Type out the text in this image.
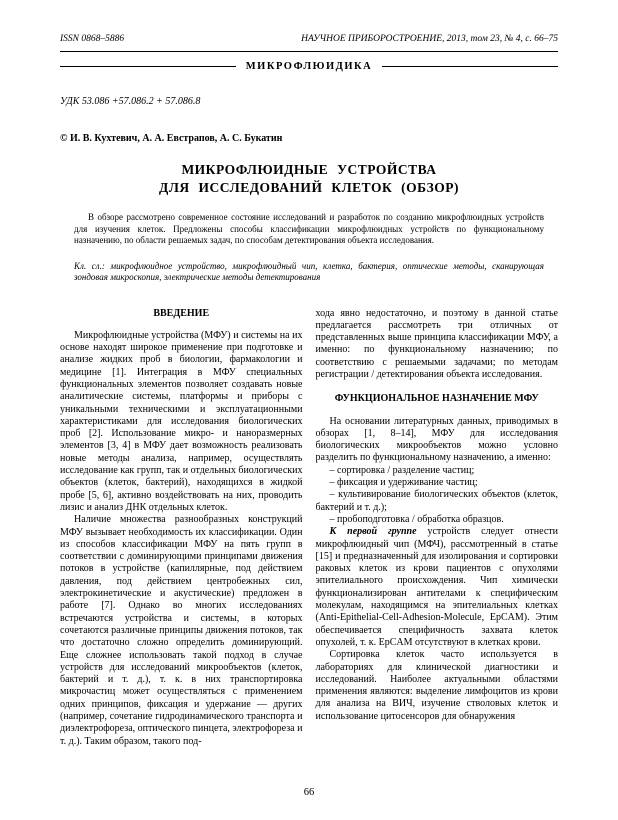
ISSN 0868–5886	НАУЧНОЕ ПРИБОРОСТРОЕНИЕ, 2013, том 23, № 4, c. 66–75
МИКРОФЛЮИДИКА
УДК 53.086 +57.086.2 + 57.086.8
© И. В. Кухтевич, А. А. Евстрапов, А. С. Букатин
МИКРОФЛЮИДНЫЕ УСТРОЙСТВА
ДЛЯ ИССЛЕДОВАНИЙ КЛЕТОК (ОБЗОР)
В обзоре рассмотрено современное состояние исследований и разработок по созданию микрофлюидных устройств для изучения клеток. Предложены способы классификации микрофлюидных устройств по функциональному назначению, по области решаемых задач, по способам детектирования объекта исследования.
Кл. сл.: микрофлюидное устройство, микрофлюидный чип, клетка, бактерия, оптические методы, сканирующая зондовая микроскопия, электрические методы детектирования
ВВЕДЕНИЕ

Микрофлюидные устройства (МФУ) и системы на их основе находят широкое применение при подготовке и анализе жидких проб в биологии, фармакологии и медицине [1]. Интеграция в МФУ специальных функциональных элементов позволяет создавать новые аналитические системы, платформы и приборы с уникальными техническими и эксплуатационными характеристиками для исследования биологических проб [2]. Использование микро- и наноразмерных элементов [3, 4] в МФУ дает возможность реализовать новые методы анализа, например, осуществлять исследование как групп, так и отдельных биологических объектов (клеток, бактерий), находящихся в жидкой пробе [5, 6], активно воздействовать на них, проводить лизис и анализ ДНК отдельных клеток.

Наличие множества разнообразных конструкций МФУ вызывает необходимость их классификации. Один из способов классификации МФУ на пять групп в соответствии с доминирующими принципами движения потоков в устройстве (капиллярные, под действием давления, под действием центробежных сил, электрокинетические и акустические) предложен в работе [7]. Однако во многих исследованиях встречаются устройства и системы, в которых сочетаются различные принципы движения потоков, так что достаточно сложно определить доминирующий. Еще сложнее использовать такой подход в случае устройств для исследований микрообъектов (клеток, бактерий и т. д.), т. к. в них транспортировка микрочастиц может осуществляться с применением одних принципов, фиксация и удержание — других (например, сочетание гидродинамического транспорта и диэлектрофореза, оптического пинцета, электрофореза и т. д.). Таким образом, такого под-

хода явно недостаточно, и поэтому в данной статье предлагается рассмотреть три отличных от представленных выше принципа классификации МФУ, а именно: по функциональному назначению; по соответствию с решаемыми задачами; по методам регистрации / детектирования объекта исследования.

ФУНКЦИОНАЛЬНОЕ НАЗНАЧЕНИЕ МФУ

На основании литературных данных, приводимых в обзорах [1, 8–14], МФУ для исследования биологических микрообъектов можно условно разделить по функциональному назначению, а именно:

– сортировка / разделение частиц;

– фиксация и удерживание частиц;

– культивирование биологических объектов (клеток, бактерий и т. д.);

– пробоподготовка / обработка образцов.

К первой группе устройств следует отнести микрофлюидный чип (МФЧ), рассмотренный в статье [15] и предназначенный для изолирования и сортировки раковых клеток из крови пациентов с опухолями эпителиального происхождения. Чип химически функционализирован антителами к специфическим молекулам, находящимся на эпителиальных клетках (Anti-Epithelial-Cell-Adhesion-Molecule, EpCAM). Этим обеспечивается специфичность захвата клеток опухолей, т. к. EpCAM отсутствуют в клетках крови.

Сортировка клеток часто используется в лабораториях для клинической диагностики и исследований. Наиболее актуальными областями применения являются: выделение лимфоцитов из крови для анализа на ВИЧ, изучение стволовых клеток и использование цитосенсоров для обнаружения

66
